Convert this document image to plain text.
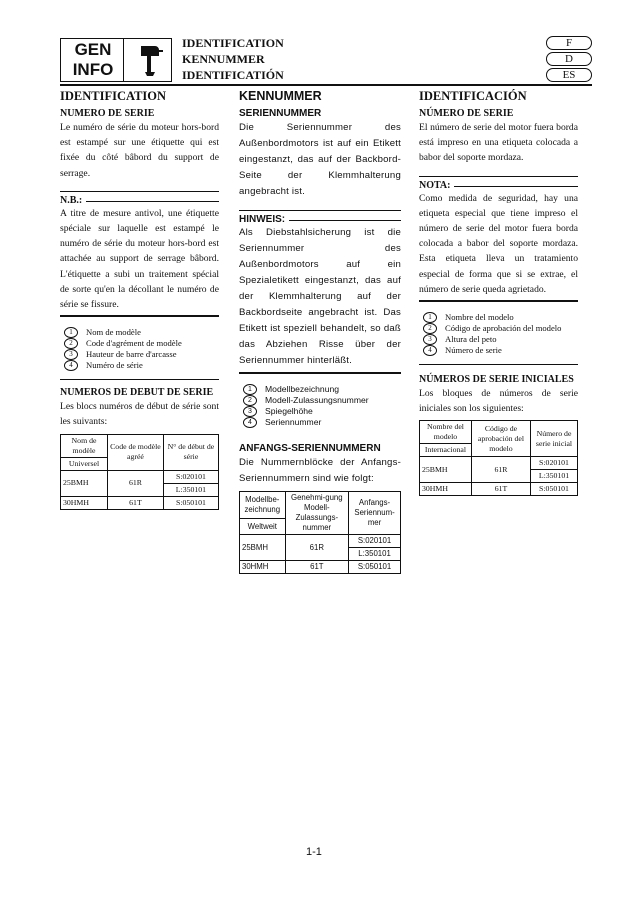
GEN
INFO
IDENTIFICATION
KENNUMMER
IDENTIFICATIÓN
F
D
ES
IDENTIFICATION
NUMERO DE SERIE

Le numéro de série du moteur hors-bord est estampé sur une étiquette qui est fixée du côté bâbord du support de serrage.

N.B.:

A titre de mesure antivol, une étiquette spéciale sur laquelle est estampé le numéro de série du moteur hors-bord est attachée au support de serrage bâbord. L'étiquette a subi un traitement spécial de sorte qu'en la décollant le numéro de série se fissure.

1	Nom de modèle
2	Code d'agrément de modèle
3	Hauteur de barre d'arcasse
4	Numéro de série
NUMEROS DE DEBUT DE SERIE

Les blocs numéros de début de série sont les suivants:

Nom de modèle	Code de modèle agréé	N° de début de série
Universel		
25BMH	61R	S:020101
		L:350101
30HMH	61T	S:050101
KENNUMMER
SERIENNUMMER

Die Seriennummer des Außenbordmotors ist auf ein Etikett eingestanzt, das auf der Backbord-Seite der Klemmhalterung angebracht ist.

HINWEIS:

Als Diebstahlsicherung ist die Seriennummer des Außenbordmotors auf ein Spezialetikett eingestanzt, das auf der Klemmhalterung auf der Backbordseite angebracht ist. Das Etikett ist speziell behandelt, so daß das Abziehen Risse über der Seriennummer hinterläßt.

1	Modellbezeichnung
2	Modell-Zulassungsnummer
3	Spiegelhöhe
4	Seriennummer
ANFANGS-SERIENNUMMERN

Die Nummernblöcke der Anfangs-Seriennummern sind wie folgt:

Modellbe-zeichnung	Genehmi-gung Modell-Zulassungs-nummer	Anfangs-Seriennum-mer
Weltweit		
25BMH	61R	S:020101
		L:350101
30HMH	61T	S:050101
IDENTIFICACIÓN
NÚMERO DE SERIE

El número de serie del motor fuera borda está impreso en una etiqueta colocada a babor del soporte mordaza.

NOTA:

Como medida de seguridad, hay una etiqueta especial que tiene impreso el número de serie del motor fuera borda colocada a babor del soporte mordaza. Esta etiqueta lleva un tratamiento especial de forma que si se extrae, el número de serie queda agrietado.

1	Nombre del modelo
2	Código de aprobación del modelo
3	Altura del peto
4	Número de serie
NÚMEROS DE SERIE INICIALES

Los bloques de números de serie iniciales son los siguientes:

Nombre del modelo	Código de aprobación del modelo	Número de serie inicial
Internacional		
25BMH	61R	S:020101
		L:350101
30HMH	61T	S:050101
1-1
